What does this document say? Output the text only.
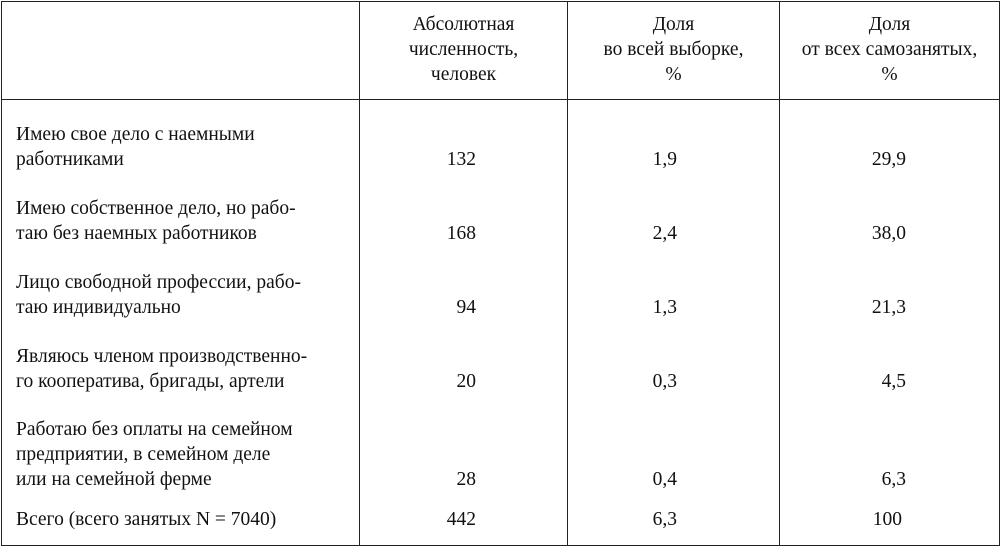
	Абсолютная
численность,
человек	Доля
во всей выборке,
%	Доля
от всех самозанятых,
%

Имею свое дело с наемными
работниками	132	1,9	29,9

Имею собственное дело, но рабо-
таю без наемных работников	168	2,4	38,0

Лицо свободной профессии, рабо-
таю индивидуально	94	1,3	21,3

Являюсь членом производственно-
го кооператива, бригады, артели	20	0,3	4,5

Работаю без оплаты на семейном
предприятии, в семейном деле
или на семейной ферме	28	0,4	6,3

Всего (всего занятых N = 7040)	442	6,3	100
